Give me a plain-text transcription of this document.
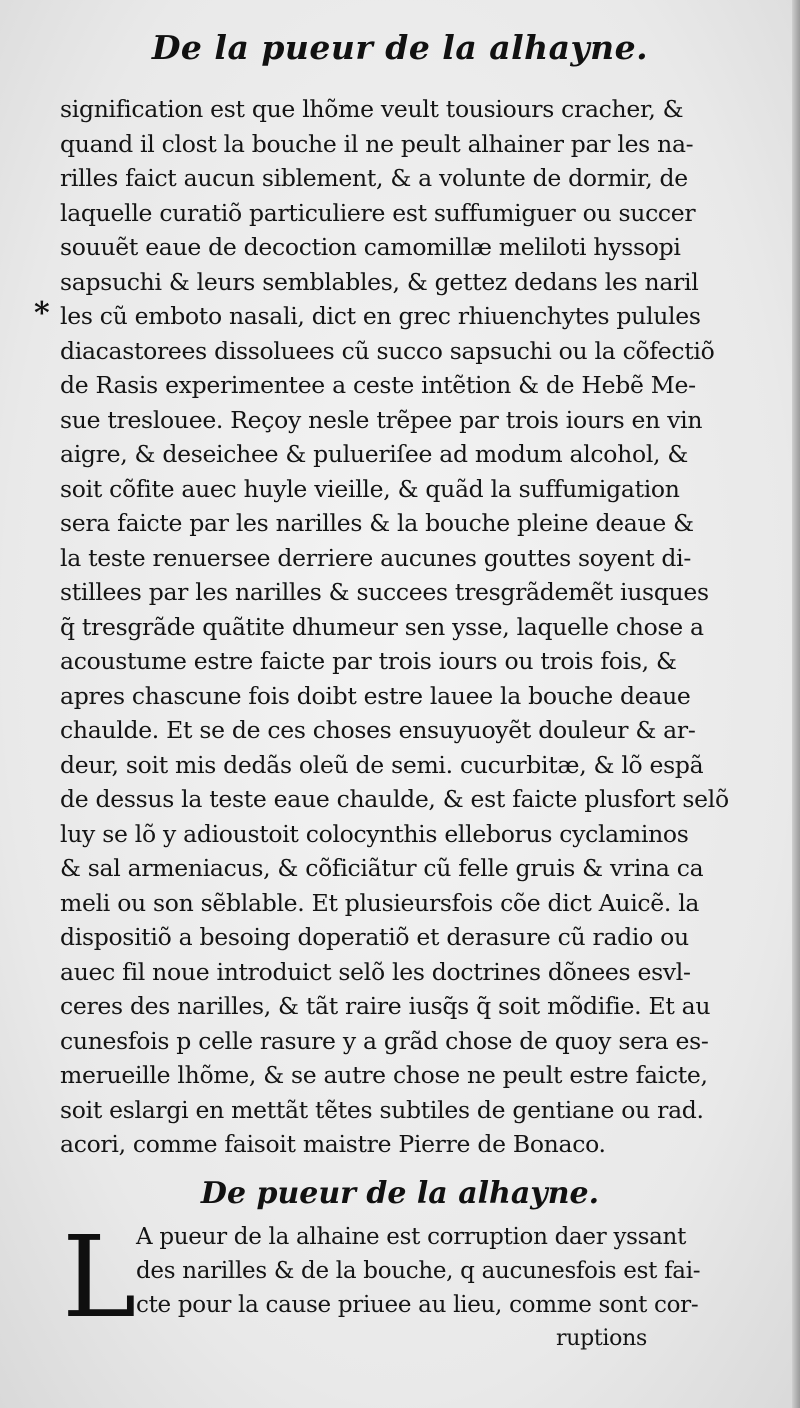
De la pueur de la alhayne.
*
signification est que lhõme veult tousiours cracher, &
quand il clost la bouche il ne peult alhainer par les na-
rilles faict aucun siblement, & a volunte de dormir, de
laquelle curatiõ particuliere est suffumiguer ou succer
souuẽt eaue de decoction camomillæ meliloti hyssopi
sapsuchi & leurs semblables, & gettez dedans les naril
les cũ emboto nasali, dict en grec rhiuenchytes pulules
diacastorees dissoluees cũ succo sapsuchi ou la cõfectiõ
de Rasis experimentee a ceste intẽtion & de Hebẽ Me-
sue treslouee. Reçoy nesle trẽpee par trois iours en vin
aigre, & deseichee & pulueriſee ad modum alcohol, &
soit cõfite auec huyle vieille, & quãd la suffumigation
sera faicte par les narilles & la bouche pleine deaue &
la teste renuersee derriere aucunes gouttes soyent di-
stillees par les narilles & succees tresgrãdemẽt iusques
q̃ tresgrãde quãtite dhumeur sen ysse, laquelle chose a
acoustume estre faicte par trois iours ou trois fois, &
apres chascune fois doibt estre lauee la bouche deaue
chaulde. Et se de ces choses ensuyuoyẽt douleur & ar-
deur, soit mis dedãs oleũ de semi. cucurbitæ, & lõ espã
de dessus la teste eaue chaulde, & est faicte plusfort selõ
luy se lõ y adioustoit colocynthis elleborus cyclaminos
& sal armeniacus, & cõficiãtur cũ felle gruis & vrina ca
meli ou son sẽblable. Et plusieursfois cõe dict Auicẽ. la
dispositiõ a besoing doperatiõ et derasure cũ radio ou
auec fil noue introduict selõ les doctrines dõnees esvl-
ceres des narilles, & tãt raire iusq̃s q̃ soit mõdifie. Et au
cunesfois p celle rasure y a grãd chose de quoy sera es-
merueille lhõme, & se autre chose ne peult estre faicte,
soit eslargi en mettãt tẽtes subtiles de gentiane ou rad.
acori, comme faisoit maistre Pierre de Bonaco.
De pueur de la alhayne.
L A pueur de la alhaine est corruption daer yssant
des narilles & de la bouche, q aucunesfois est fai-
cte pour la cause priuee au lieu, comme sont cor-
ruptions
